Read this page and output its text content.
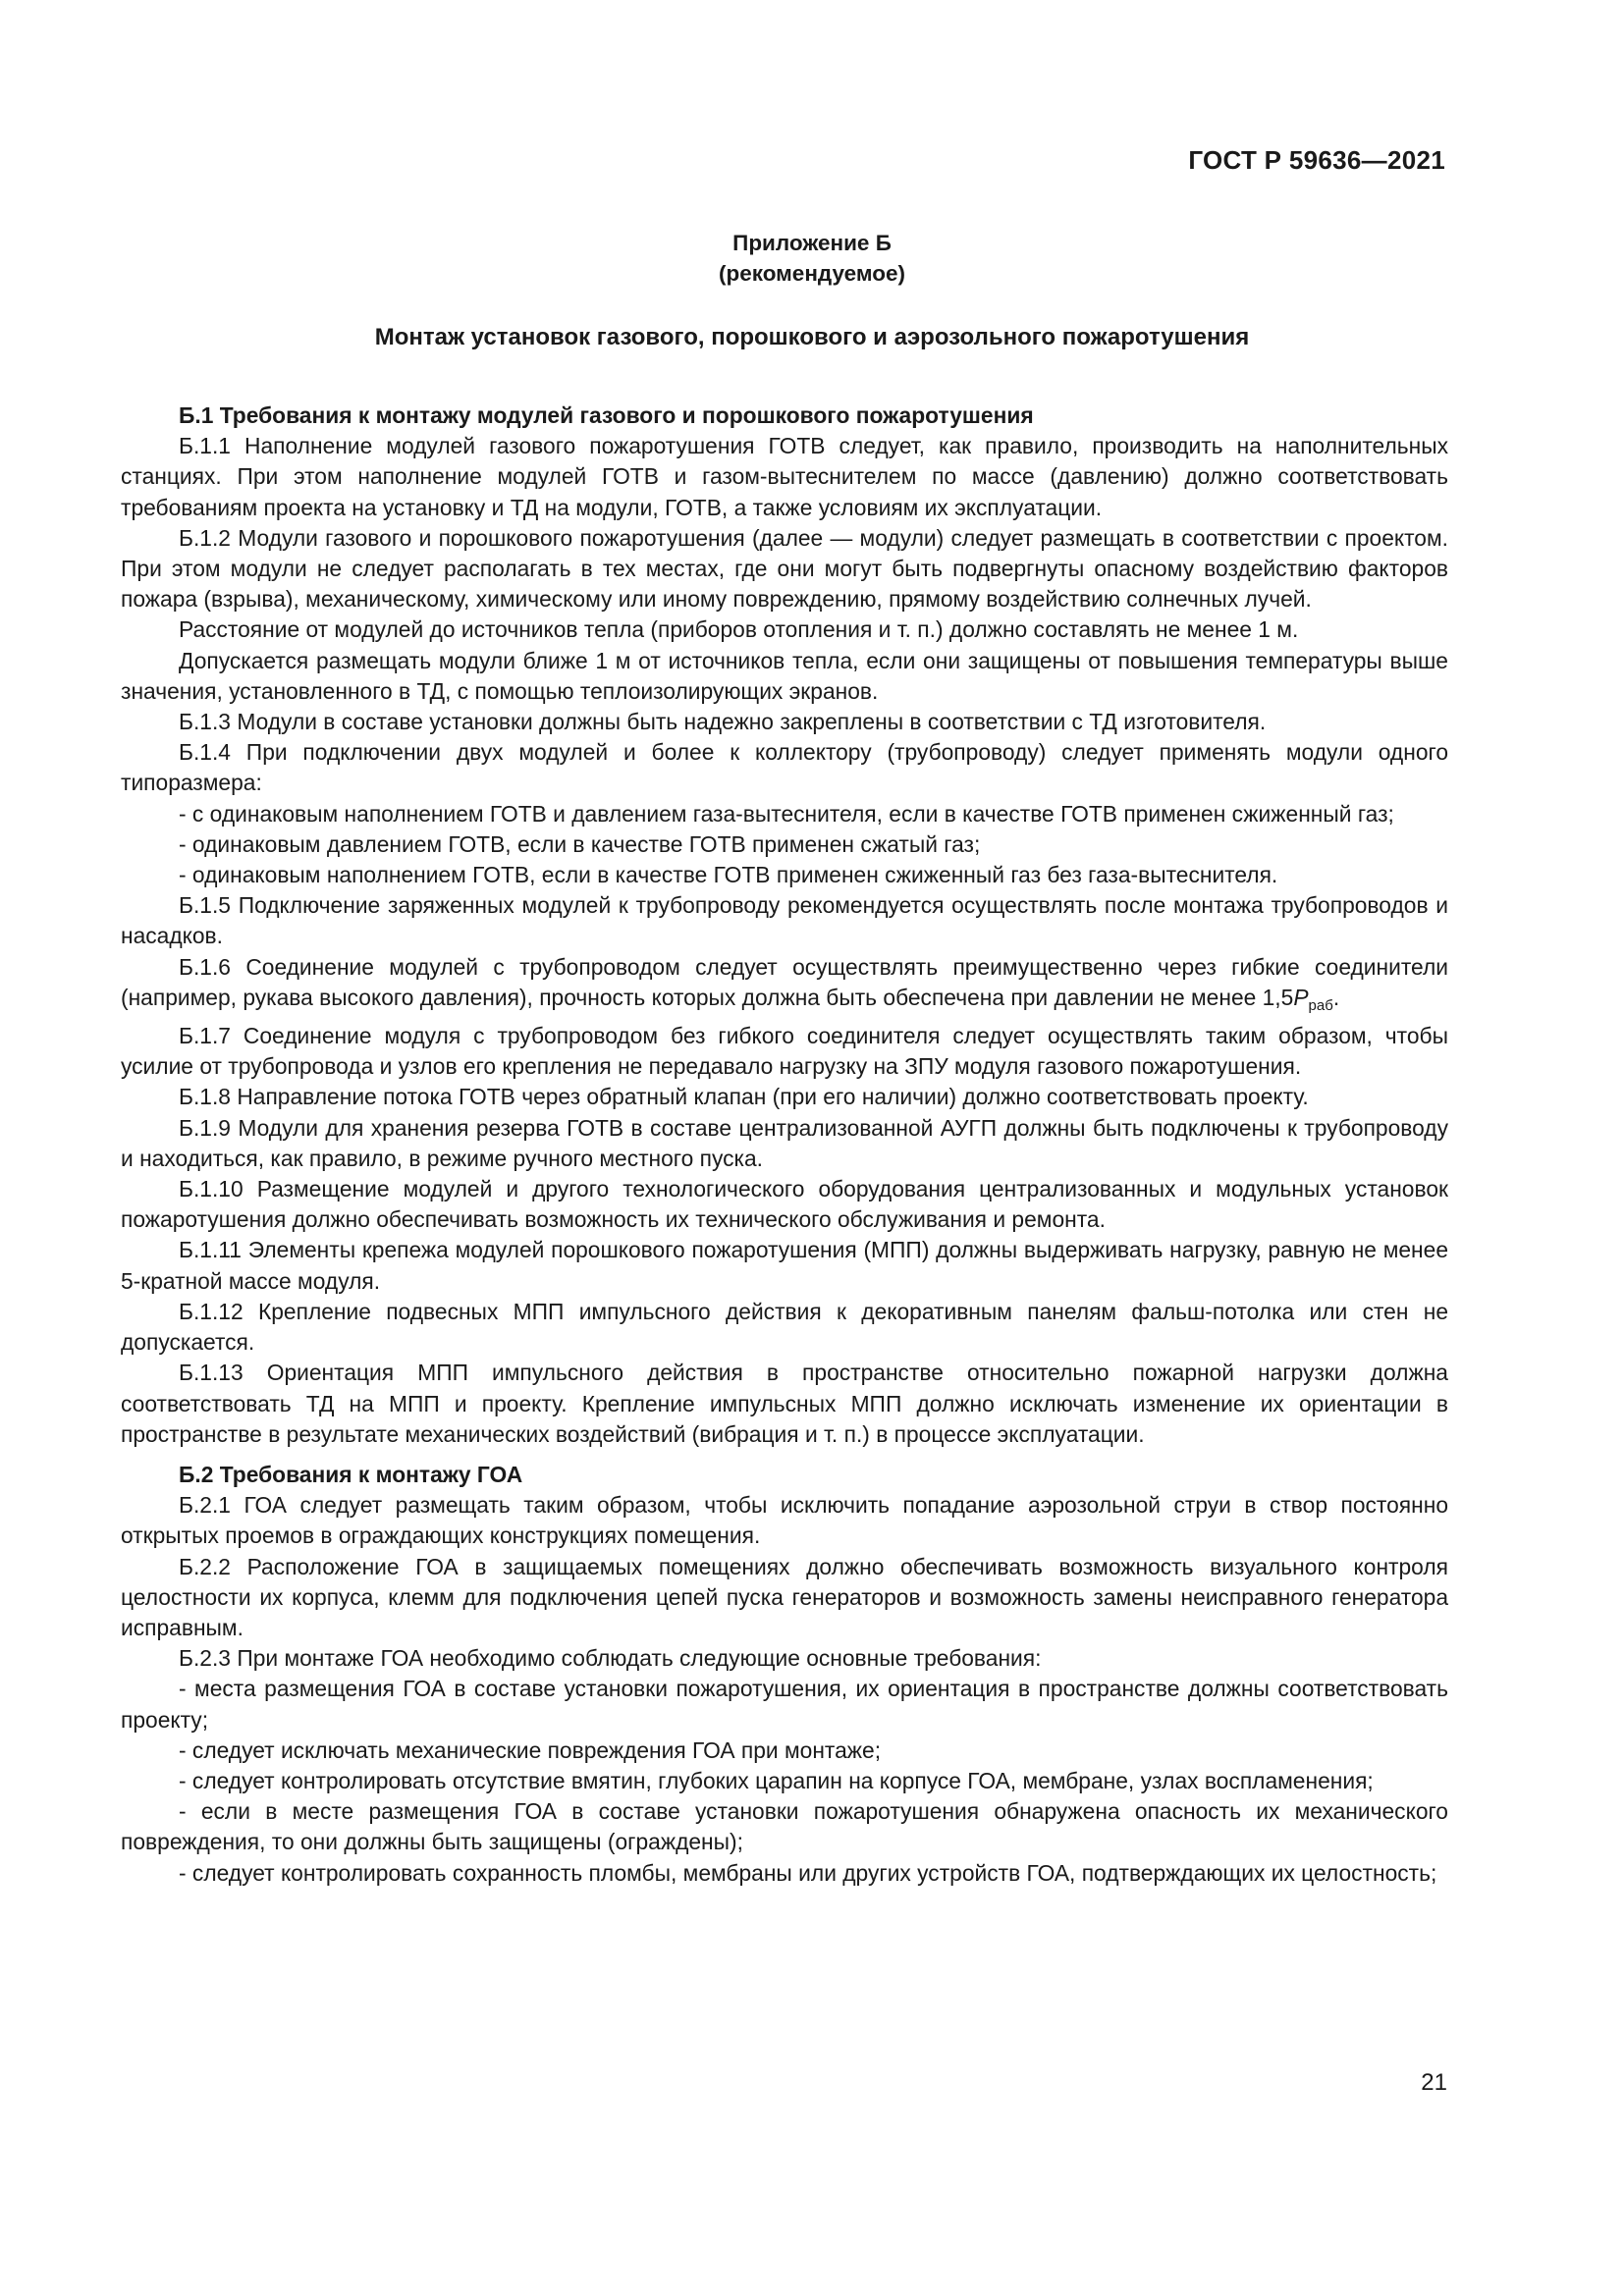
ГОСТ Р 59636—2021
Приложение Б
(рекомендуемое)
Монтаж установок газового, порошкового и аэрозольного пожаротушения
Б.1 Требования к монтажу модулей газового и порошкового пожаротушения

Б.1.1 Наполнение модулей газового пожаротушения ГОТВ следует, как правило, производить на наполнительных станциях. При этом наполнение модулей ГОТВ и газом-вытеснителем по массе (давлению) должно соответствовать требованиям проекта на установку и ТД на модули, ГОТВ, а также условиям их эксплуатации.

Б.1.2 Модули газового и порошкового пожаротушения (далее — модули) следует размещать в соответствии с проектом. При этом модули не следует располагать в тех местах, где они могут быть подвергнуты опасному воздействию факторов пожара (взрыва), механическому, химическому или иному повреждению, прямому воздействию солнечных лучей.

Расстояние от модулей до источников тепла (приборов отопления и т. п.) должно составлять не менее 1 м.

Допускается размещать модули ближе 1 м от источников тепла, если они защищены от повышения температуры выше значения, установленного в ТД, с помощью теплоизолирующих экранов.

Б.1.3 Модули в составе установки должны быть надежно закреплены в соответствии с ТД изготовителя.

Б.1.4 При подключении двух модулей и более к коллектору (трубопроводу) следует применять модули одного типоразмера:

- с одинаковым наполнением ГОТВ и давлением газа-вытеснителя, если в качестве ГОТВ применен сжиженный газ;

- одинаковым давлением ГОТВ, если в качестве ГОТВ применен сжатый газ;

- одинаковым наполнением ГОТВ, если в качестве ГОТВ применен сжиженный газ без газа-вытеснителя.

Б.1.5 Подключение заряженных модулей к трубопроводу рекомендуется осуществлять после монтажа трубопроводов и насадков.

Б.1.6 Соединение модулей с трубопроводом следует осуществлять преимущественно через гибкие соединители (например, рукава высокого давления), прочность которых должна быть обеспечена при давлении не менее $1,5P_{раб}$.

Б.1.7 Соединение модуля с трубопроводом без гибкого соединителя следует осуществлять таким образом, чтобы усилие от трубопровода и узлов его крепления не передавало нагрузку на ЗПУ модуля газового пожаротушения.

Б.1.8 Направление потока ГОТВ через обратный клапан (при его наличии) должно соответствовать проекту.

Б.1.9 Модули для хранения резерва ГОТВ в составе централизованной АУГП должны быть подключены к трубопроводу и находиться, как правило, в режиме ручного местного пуска.

Б.1.10 Размещение модулей и другого технологического оборудования централизованных и модульных установок пожаротушения должно обеспечивать возможность их технического обслуживания и ремонта.

Б.1.11 Элементы крепежа модулей порошкового пожаротушения (МПП) должны выдерживать нагрузку, равную не менее 5-кратной массе модуля.

Б.1.12 Крепление подвесных МПП импульсного действия к декоративным панелям фальш-потолка или стен не допускается.

Б.1.13 Ориентация МПП импульсного действия в пространстве относительно пожарной нагрузки должна соответствовать ТД на МПП и проекту. Крепление импульсных МПП должно исключать изменение их ориентации в пространстве в результате механических воздействий (вибрация и т. п.) в процессе эксплуатации.

Б.2 Требования к монтажу ГОА

Б.2.1 ГОА следует размещать таким образом, чтобы исключить попадание аэрозольной струи в створ постоянно открытых проемов в ограждающих конструкциях помещения.

Б.2.2 Расположение ГОА в защищаемых помещениях должно обеспечивать возможность визуального контроля целостности их корпуса, клемм для подключения цепей пуска генераторов и возможность замены неисправного генератора исправным.

Б.2.3 При монтаже ГОА необходимо соблюдать следующие основные требования:

- места размещения ГОА в составе установки пожаротушения, их ориентация в пространстве должны соответствовать проекту;

- следует исключать механические повреждения ГОА при монтаже;

- следует контролировать отсутствие вмятин, глубоких царапин на корпусе ГОА, мембране, узлах воспламенения;

- если в месте размещения ГОА в составе установки пожаротушения обнаружена опасность их механического повреждения, то они должны быть защищены (ограждены);

- следует контролировать сохранность пломбы, мембраны или других устройств ГОА, подтверждающих их целостность;

21
